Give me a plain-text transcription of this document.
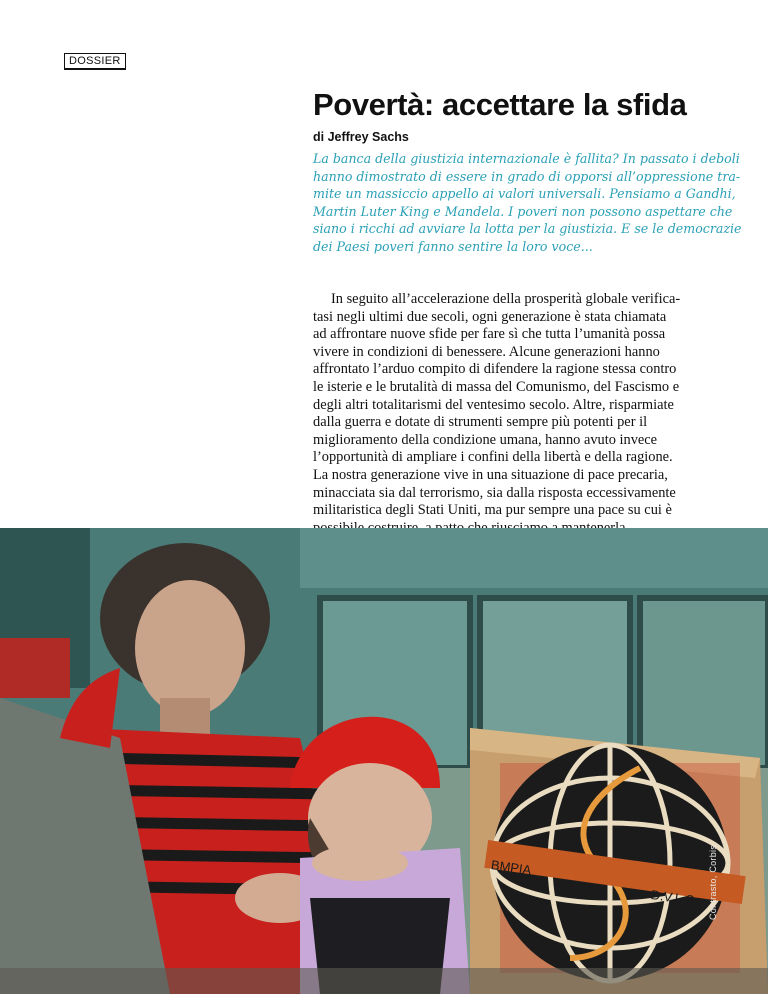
DOSSIER
Povertà: accettare la sfida
di Jeffrey Sachs
La banca della giustizia internazionale è fallita? In passato i deboli
hanno dimostrato di essere in grado di opporsi all’oppressione tra-
mite un massiccio appello ai valori universali. Pensiamo a Gandhi,
Martin Luter King e Mandela. I poveri non possono aspettare che
siano i ricchi ad avviare la lotta per la giustizia. E se le democrazie
dei Paesi poveri fanno sentire la loro voce...
In seguito all’accelerazione della prosperità globale verifica-
tasi negli ultimi due secoli, ogni generazione è stata chiamata
ad affrontare nuove sfide per fare sì che tutta l’umanità possa
vivere in condizioni di benessere. Alcune generazioni hanno
affrontato l’arduo compito di difendere la ragione stessa contro
le isterie e le brutalità di massa del Comunismo, del Fascismo e
degli altri totalitarismi del ventesimo secolo. Altre, risparmiate
dalla guerra e dotate di strumenti sempre più potenti per il
miglioramento della condizione umana, hanno avuto invece
l’opportunità di ampliare i confini della libertà e della ragione.
La nostra generazione vive in una situazione di pace precaria,
minacciata sia dal terrorismo, sia dalla risposta eccessivamente
militaristica degli Stati Uniti, ma pur sempre una pace su cui è
BMPIA
D.V.I. S Contrasto, Corbis
